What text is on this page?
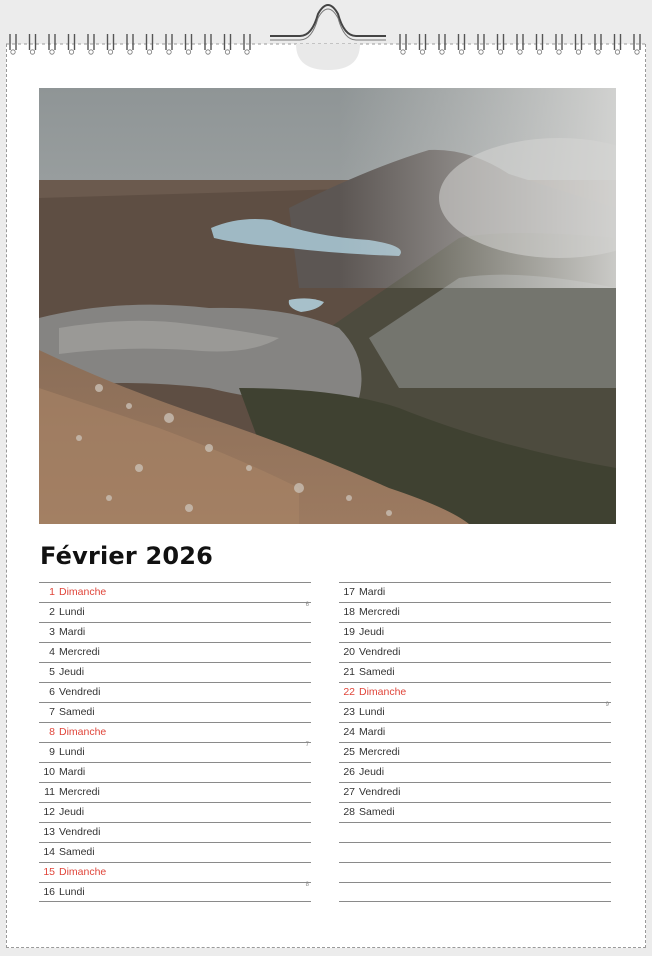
Février 2026
1 Dimanche
2 Lundi
6
3 Mardi
4 Mercredi
5 Jeudi
6 Vendredi
7 Samedi
8 Dimanche
9 Lundi
7
10 Mardi
11 Mercredi
12 Jeudi
13 Vendredi
14 Samedi
15 Dimanche
16 Lundi
8
17 Mardi
18 Mercredi
19 Jeudi
20 Vendredi
21 Samedi
22 Dimanche
23 Lundi
9
24 Mardi
25 Mercredi
26 Jeudi
27 Vendredi
28 Samedi
